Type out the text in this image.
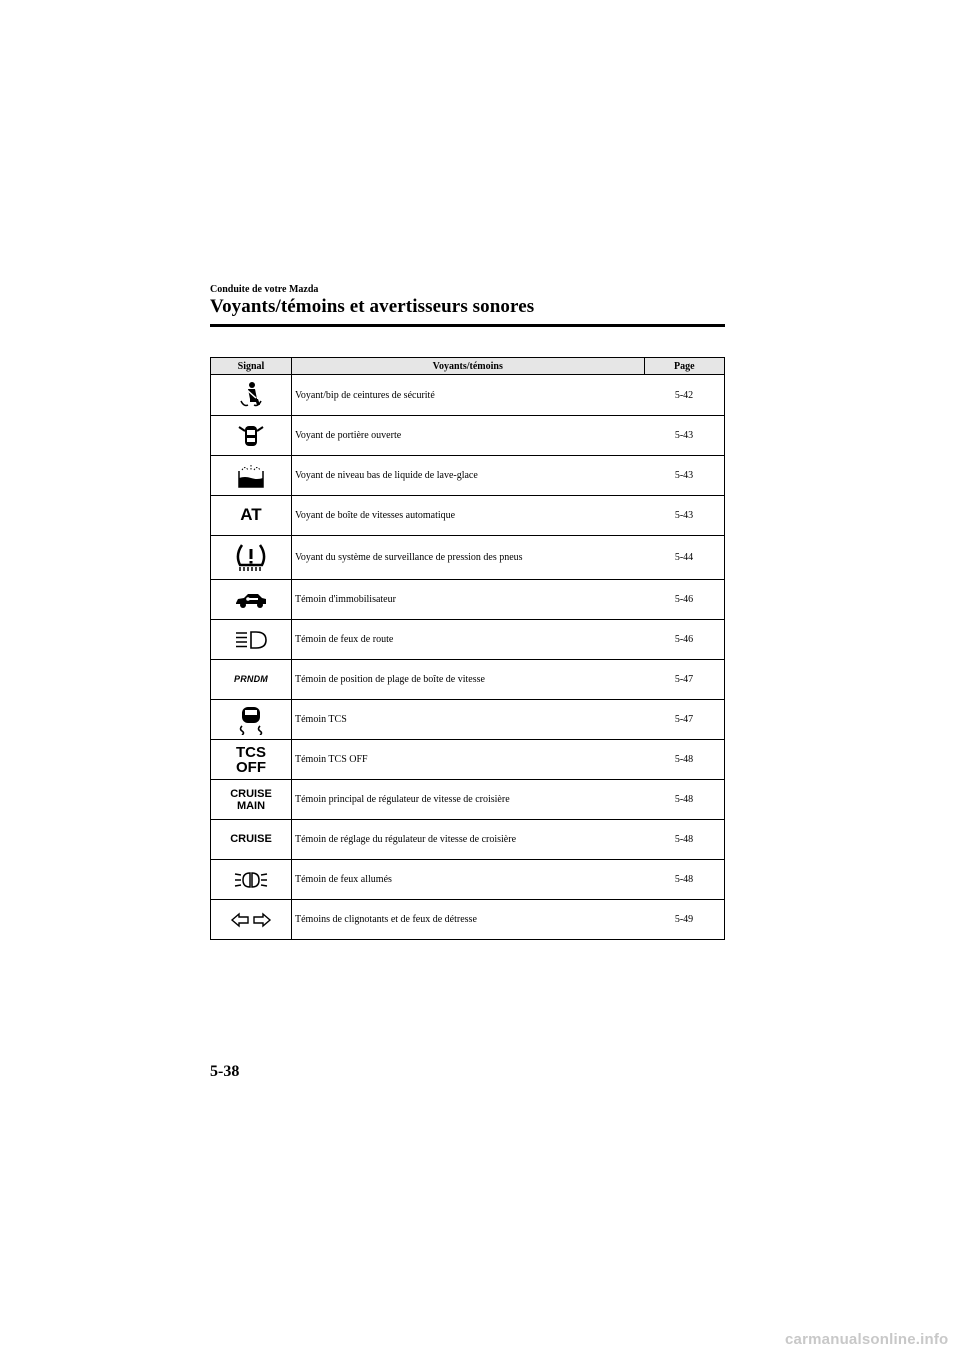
Conduite de votre Mazda
Voyants/témoins et avertisseurs sonores
Signal	Voyants/témoins	Page
	Voyant/bip de ceintures de sécurité	5-42
	Voyant de portière ouverte	5-43
	Voyant de niveau bas de liquide de lave-glace	5-43
AT	Voyant de boîte de vitesses automatique	5-43
	Voyant du système de surveillance de pression des pneus	5-44
	Témoin d'immobilisateur	5-46
	Témoin de feux de route	5-46
PRNDM	Témoin de position de plage de boîte de vitesse	5-47
	Témoin TCS	5-47
TCS
OFF	Témoin TCS OFF	5-48
CRUISE
MAIN	Témoin principal de régulateur de vitesse de croisière	5-48
CRUISE	Témoin de réglage du régulateur de vitesse de croisière	5-48
	Témoin de feux allumés	5-48
	Témoins de clignotants et de feux de détresse	5-49
5-38
carmanualsonline.info
